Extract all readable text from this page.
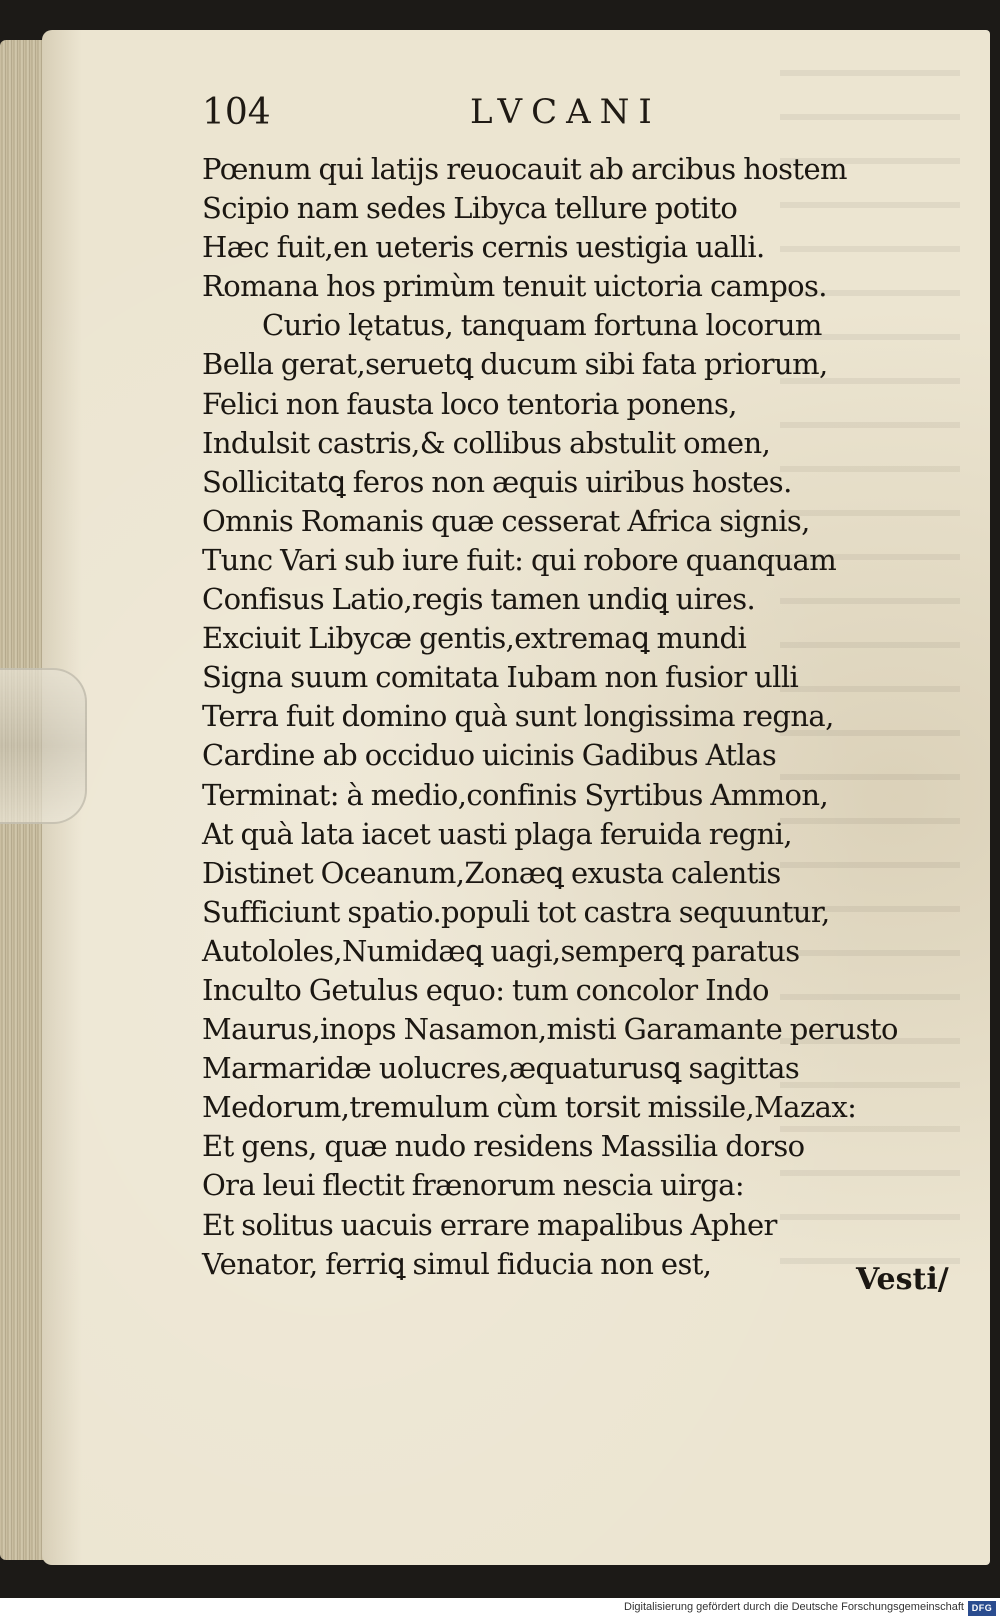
104	LVCANI
Pœnum qui latijs reuocauit ab arcibus hostem
Scipio nam sedes Libyca tellure potito
Hæc fuit,en ueteris cernis uestigia ualli.
Romana hos primùm tenuit uictoria campos.
Curio lętatus, tanquam fortuna locorum
Bella gerat,seruetꝗ ducum sibi fata priorum,
Felici non fausta loco tentoria ponens,
Indulsit castris,& collibus abstulit omen,
Sollicitatꝗ feros non æquis uiribus hostes.
Omnis Romanis quæ cesserat Africa signis,
Tunc Vari sub iure fuit: qui robore quanquam
Confisus Latio,regis tamen undiꝗ uires.
Exciuit Libycæ gentis,extremaꝗ mundi
Signa suum comitata Iubam non fusior ulli
Terra fuit domino quà sunt longissima regna,
Cardine ab occiduo uicinis Gadibus Atlas
Terminat: à medio,confinis Syrtibus Ammon,
At quà lata iacet uasti plaga feruida regni,
Distinet Oceanum,Zonæꝗ exusta calentis
Sufficiunt spatio.populi tot castra sequuntur,
Autololes,Numidæꝗ uagi,semperꝗ paratus
Inculto Getulus equo: tum concolor Indo
Maurus,inops Nasamon,misti Garamante perusto
Marmaridæ uolucres,æquaturusꝗ sagittas
Medorum,tremulum cùm torsit missile,Mazax:
Et gens, quæ nudo residens Massilia dorso
Ora leui flectit frænorum nescia uirga:
Et solitus uacuis errare mapalibus Apher
Venator, ferriꝗ simul fiducia non est,	Vesti/
Digitalisierung gefördert durch die Deutsche Forschungsgemeinschaft DFG
